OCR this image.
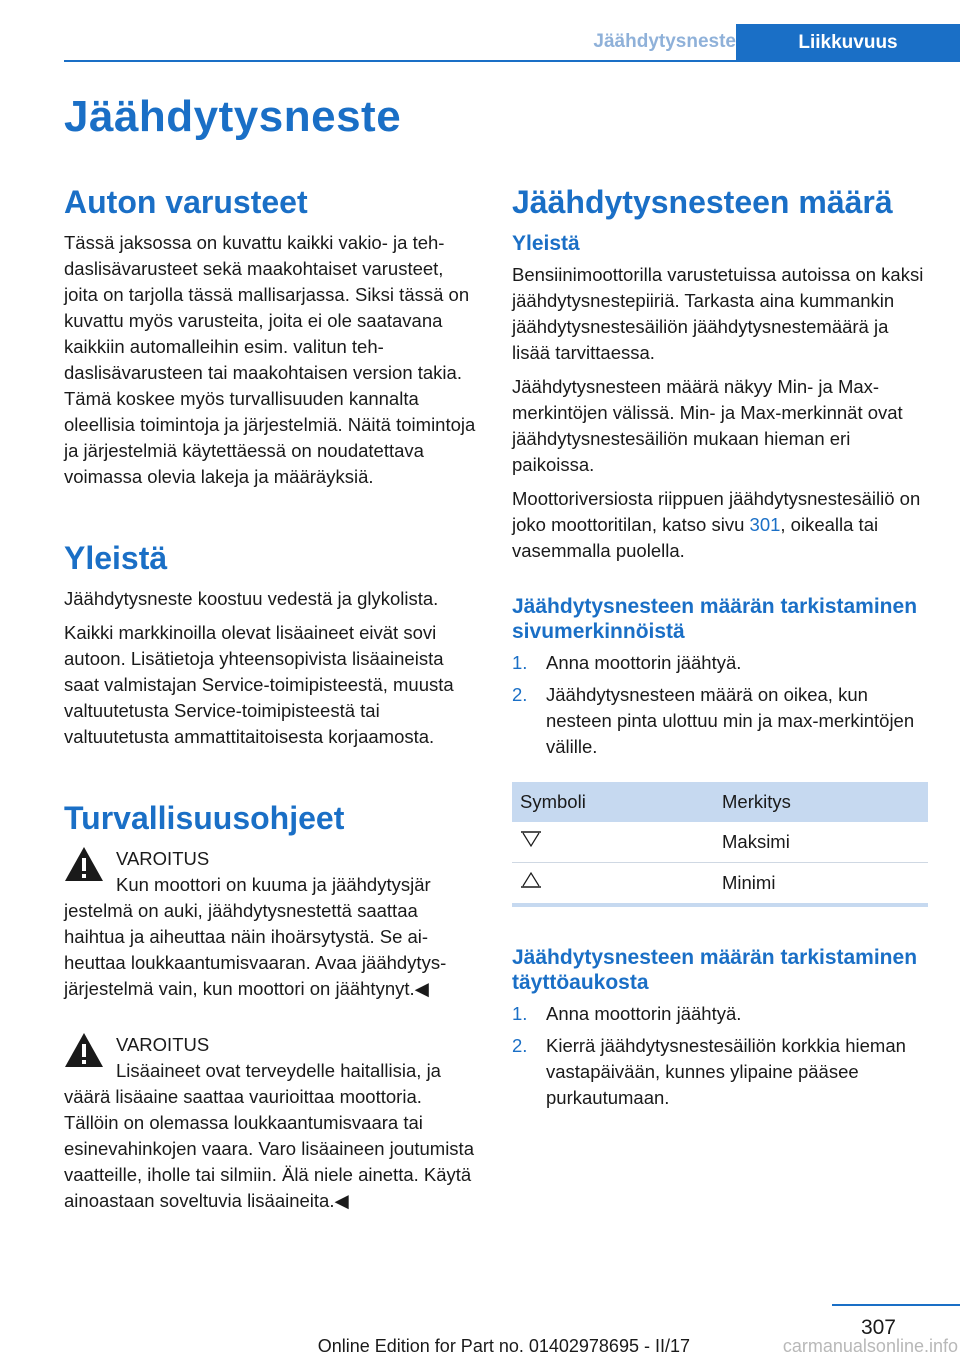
Jäähdytysneste	Liikkuvuus
Jäähdytysneste
Auton varusteet

Tässä jaksossa on kuvattu kaikki vakio- ja tehdaslisävarusteet sekä maakohtaiset varusteet, joita on tarjolla tässä mallisarjassa. Siksi tässä on kuvattu myös varusteita, joita ei ole saatavana kaikkiin automalleihin esim. valitun tehdaslisävarusteen tai maakohtaisen version takia. Tämä koskee myös turvallisuuden kannalta oleellisia toimintoja ja järjestelmiä. Näitä toimintoja ja järjestelmiä käytettäessä on noudatettava voimassa olevia lakeja ja määräyksiä.

Yleistä

Jäähdytysneste koostuu vedestä ja glykolista.

Kaikki markkinoilla olevat lisäaineet eivät sovi autoon. Lisätietoja yhteensopivista lisäaineista saat valmistajan Service-toimipisteestä, muusta valtuutetusta Service-toimipisteestä tai valtuutetusta ammattitaitoisesta korjaamosta.

Turvallisuusohjeet
VAROITUS
Kun moottori on kuuma ja jäähdytysjär
jestelmä on auki, jäähdytysnestettä saattaa haihtua ja aiheuttaa näin ihoärsytystä. Se aiheuttaa loukkaantumisvaaran. Avaa jäähdytysjärjestelmä vain, kun moottori on jäähtynyt.◀
VAROITUS
Lisäaineet ovat terveydelle haitallisia, ja
väärä lisäaine saattaa vaurioittaa moottoria. Tällöin on olemassa loukkaantumisvaara tai esinevahinkojen vaara. Varo lisäaineen joutumista vaatteille, iholle tai silmiin. Älä niele ainetta. Käytä ainoastaan soveltuvia lisäaineita.◀
Jäähdytysnesteen määrä
Yleistä

Bensiinimoottorilla varustetuissa autoissa on kaksi jäähdytysnestepiiriä. Tarkasta aina kummankin jäähdytysnestesäiliön jäähdytysnestemäärä ja lisää tarvittaessa.

Jäähdytysnesteen määrä näkyy Min- ja Max-merkintöjen välissä. Min- ja Max-merkinnät ovat jäähdytysnestesäiliön mukaan hieman eri paikoissa.

Moottoriversiosta riippuen jäähdytysnestesäiliö on joko moottoritilan, katso sivu 301, oikealla tai vasemmalla puolella.

Jäähdytysnesteen määrän tarkistaminen sivumerkinnöistä
1. Anna moottorin jäähtyä.
2. Jäähdytysnesteen määrä on oikea, kun nesteen pinta ulottuu min ja max-merkintöjen välille.
Symboli	Merkitys
	Maksimi
	Minimi
Jäähdytysnesteen määrän tarkistaminen täyttöaukosta
1. Anna moottorin jäähtyä.
2. Kierrä jäähdytysnestesäiliön korkkia hieman vastapäivään, kunnes ylipaine pääsee purkautumaan.
307
Online Edition for Part no. 01402978695 - II/17	carmanualsonline.info
